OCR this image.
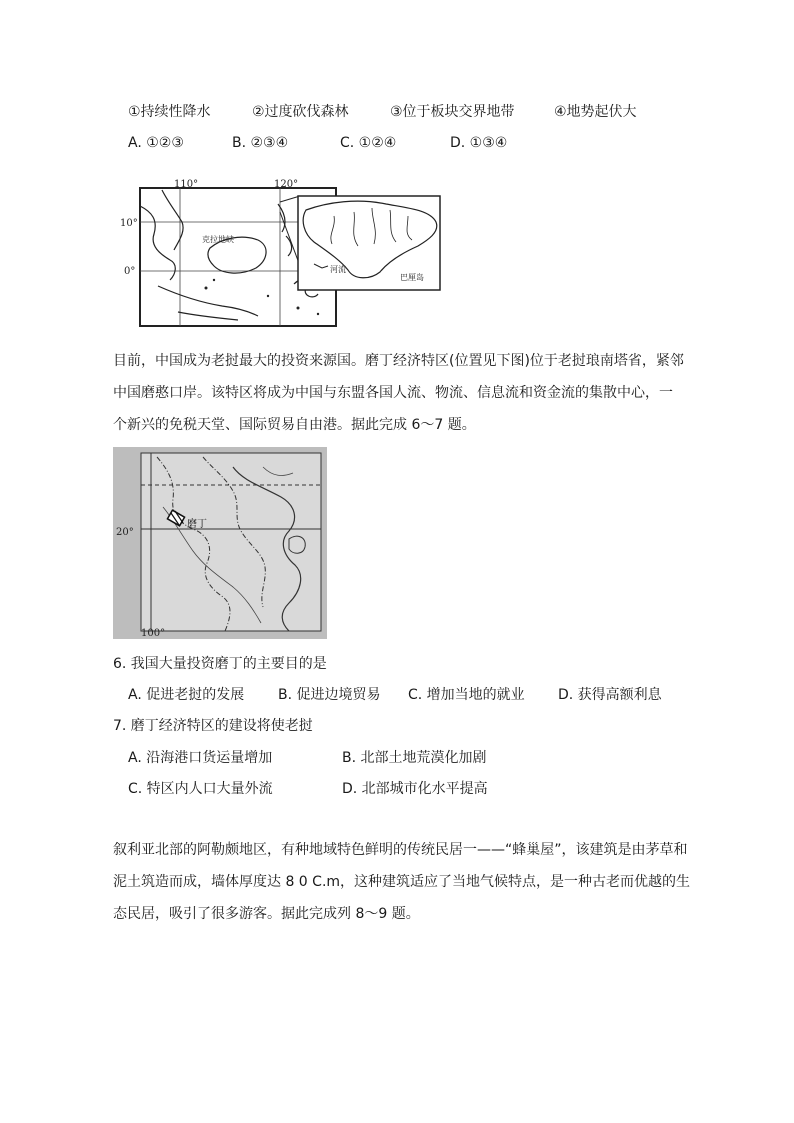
①持续性降水	②过度砍伐森林	③位于板块交界地带	④地势起伏大
A. ①②③	B. ②③④	C. ①②④	D. ①③④
110°	120°
10°
0°
克拉地峡
河流
巴厘岛
目前，中国成为老挝最大的投资来源国。磨丁经济特区(位置见下图)位于老挝琅南塔省，紧邻
中国磨憨口岸。该特区将成为中国与东盟各国人流、物流、信息流和资金流的集散中心，一
个新兴的免税天堂、国际贸易自由港。据此完成 6～7 题。
20°
100°
磨丁
6. 我国大量投资磨丁的主要目的是
A. 促进老挝的发展 B. 促进边境贸易 C. 增加当地的就业 D. 获得高额利息
7. 磨丁经济特区的建设将使老挝
A. 沿海港口货运量增加	B. 北部土地荒漠化加剧
C. 特区内人口大量外流	D. 北部城市化水平提高
叙利亚北部的阿勒颇地区，有种地域特色鲜明的传统民居一——“蜂巢屋”，该建筑是由茅草和
泥土筑造而成，墙体厚度达 8 0 C.m，这种建筑适应了当地气候特点，是一种古老而优越的生
态民居，吸引了很多游客。据此完成列 8～9 题。
